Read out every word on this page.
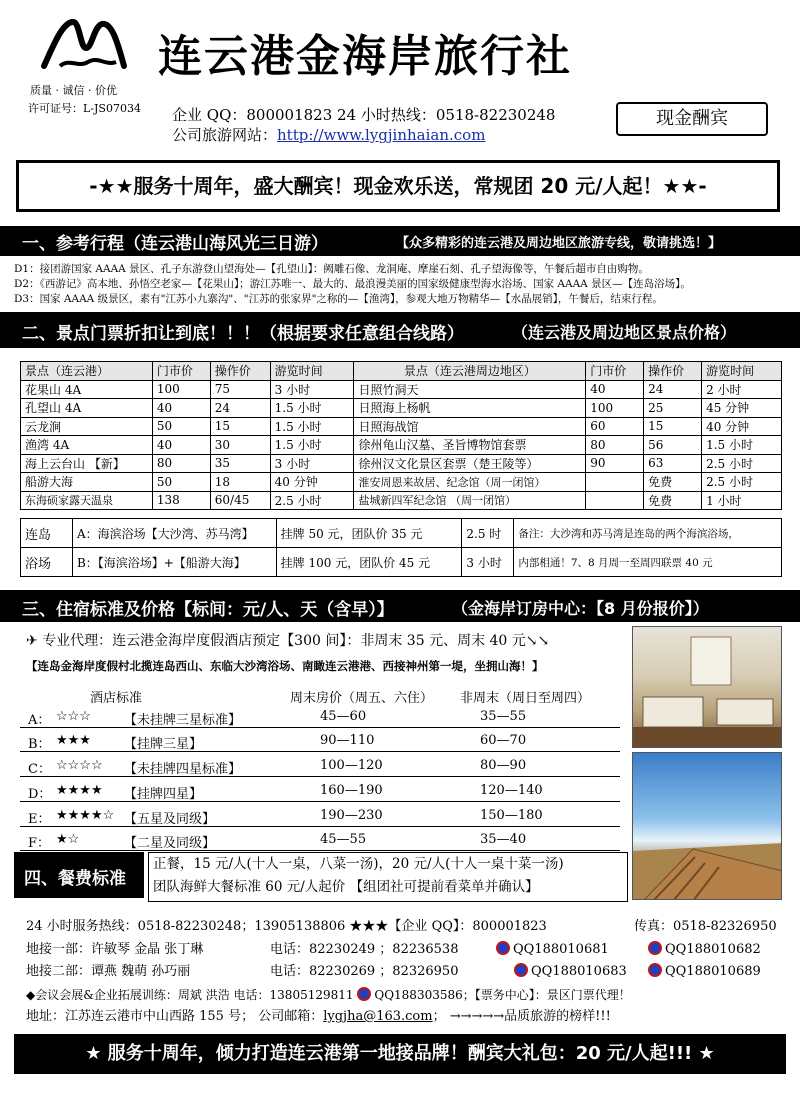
质量 · 诚信 · 价优
许可证号：L-JS07034
连云港金海岸旅行社
企业 QQ：800001823 24 小时热线：0518-82230248
公司旅游网站：http://www.lygjinhaian.com
现金酬宾
-★★服务十周年，盛大酬宾！现金欢乐送，常规团 20 元/人起！★★-
一、参考行程（连云港山海风光三日游）	【众多精彩的连云港及周边地区旅游专线，敬请挑选！】
D1：接团游国家 AAAA 景区、孔子东游登山望海处—【孔望山】：阙雕石像、龙洞庵、摩崖石刻、孔子望海像等，午餐后超市自由购物。
D2：《西游记》高本地、孙悟空老家—【花果山】；游江苏唯一、最大的、最浪漫美丽的国家级健康型海水浴场、国家 AAAA 景区—【连岛浴场】。
D3：国家 AAAA 级景区，素有"江苏小九寨沟"、"江苏的张家界"之称的—【渔湾】，参观大地万物精华—【水晶展销】，午餐后，结束行程。
二、景点门票折扣让到底！！！（根据要求任意组合线路）	（连云港及周边地区景点价格）
景点（连云港）	门市价	操作价	游览时间	景点（连云港周边地区）	门市价	操作价	游览时间
花果山 4A	100	75	3 小时	日照竹洞天	40	24	2 小时
孔望山 4A	40	24	1.5 小时	日照海上杨帆	100	25	45 分钟
云龙涧	50	15	1.5 小时	日照海战馆	60	15	40 分钟
渔湾 4A	40	30	1.5 小时	徐州龟山汉墓、圣旨博物馆套票	80	56	1.5 小时
海上云台山 【新】	80	35	3 小时	徐州汉文化景区套票（楚王陵等）	90	63	2.5 小时
船游大海	50	18	40 分钟	淮安周恩来故居、纪念馆（周一闭馆）		免费	2.5 小时
东海硕家露天温泉	138	60/45	2.5 小时	盐城新四军纪念馆 （周一闭馆）		免费	1 小时
连岛	A：海滨浴场【大沙湾、苏马湾】	挂牌 50 元，团队价 35 元	2.5 时	备注：大沙湾和苏马湾是连岛的两个海滨浴场，
浴场	B：【海滨浴场】+【船游大海】	挂牌 100 元，团队价 45 元	3 小时	内部相通！7、8 月周一至周四联票 40 元
三、住宿标准及价格【标间：元/人、天（含早）】	（金海岸订房中心：【8 月份报价】）
✈ 专业代理：连云港金海岸度假酒店预定【300 间】：非周末 35 元、周末 40 元↘↘
【连岛金海岸度假村北揽连岛西山、东临大沙湾浴场、南瞰连云港港、西接神州第一堤，坐拥山海！】
酒店标准	周末房价（周五、六住） 非周末（周日至周四）
A： ☆☆☆	【未挂牌三星标准】	45—60	35—55
B： ★★★	【挂牌三星】	90—110	60—70
C： ☆☆☆☆ 【未挂牌四星标准】	100—120	80—90
D： ★★★★ 【挂牌四星】	160—190	120—140
E： ★★★★☆ 【五星及同级】	190—230	150—180
F： ★☆	【二星及同级】	45—55	35—40
四、餐费标准
正餐，15 元/人(十人一桌，八菜一汤)，20 元/人(十人一桌十菜一汤)
团队海鲜大餐标准 60 元/人起价 【组团社可提前看菜单并确认】
24 小时服务热线：0518-82230248；13905138806 ★★★【企业 QQ】：800001823	传真：0518-82326950
地接一部：许敏琴 金晶 张丁琳	电话：82230249 ；82236538	QQ188010681	QQ188010682
地接二部：谭燕 魏萌 孙巧丽	电话：82230269 ；82326950	QQ188010683	QQ188010689
◆会议会展&企业拓展训练：周斌 洪浩 电话：13805129811 QQ188303586；【票务中心】：景区门票代理！
地址：江苏连云港市中山西路 155 号； 公司邮箱：lygjha@163.com； →→→→→品质旅游的榜样!!!
★ 服务十周年，倾力打造连云港第一地接品牌！酬宾大礼包：20 元/人起!!! ★
